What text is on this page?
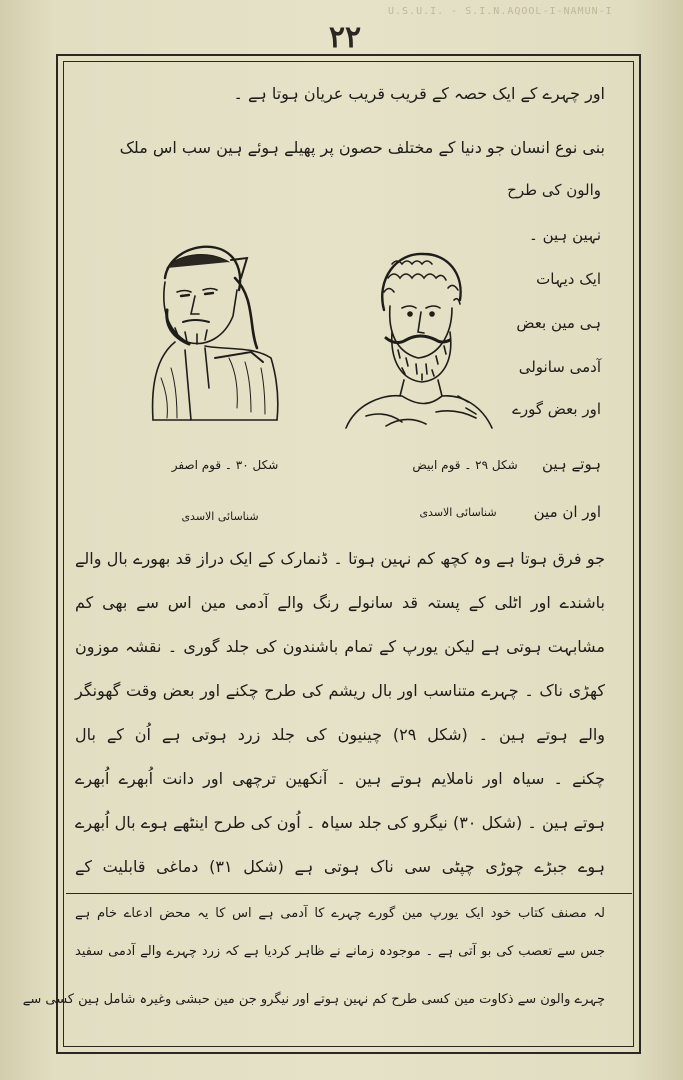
U.S.U.I. - S.I.N.AQOOL-I-NAMUN-I
۲۲
اور چہرے کے ایک حصہ کے قریب قریب عریان ہوتا ہے ۔
بنی نوع انسان جو دنیا کے مختلف حصون پر پھیلے ہوئے ہین سب اس ملک
والون کی طرح
نہین ہین ۔
ایک دیہات
ہی مین بعض
آدمی سانولی
اور بعض گورے
ہوتے ہین
اور ان مین
شکل ۲۹ ۔ قوم ابیض
شناسائی الاسدی
شکل ۳۰ ۔ قوم اصفر
شناسائی الاسدی
جو فرق ہوتا ہے وہ کچھ کم نہین ہوتا ۔ ڈنمارک کے ایک دراز قد بھورے بال والے
باشندے اور اٹلی کے پستہ قد سانولے رنگ والے آدمی مین اس سے بھی کم
مشابہت ہوتی ہے لیکن یورپ کے تمام باشندون کی جلد گوری ۔ نقشہ موزون
کھڑی ناک ۔ چہرے متناسب اور بال ریشم کی طرح چکنے اور بعض وقت گھونگر
والے ہوتے ہین ۔ (شکل ۲۹) چینیون کی جلد زرد ہوتی ہے اُن کے بال
چکنے ۔ سیاہ اور ناملایم ہوتے ہین ۔ آنکھین ترچھی اور دانت اُبھرے اُبھرے
ہوتے ہین ۔ (شکل ۳۰) نیگرو کی جلد سیاہ ۔ اُون کی طرح اینٹھے ہوے بال اُبھرے
ہوے جبڑے چوڑی چپٹی سی ناک ہوتی ہے (شکل ۳۱) دماغی قابلیت کے
لہ مصنف کتاب خود ایک یورپ مین گورے چہرے کا آدمی ہے اس کا یہ محض ادعاے خام ہے
جس سے تعصب کی بو آتی ہے ۔ موجودہ زمانے نے ظاہر کردیا ہے کہ زرد چہرے والے آدمی سفید
چہرے والون سے ذکاوت مین کسی طرح کم نہین ہوتے اور نیگرو جن مین حبشی وغیرہ شامل ہین کسی سے
